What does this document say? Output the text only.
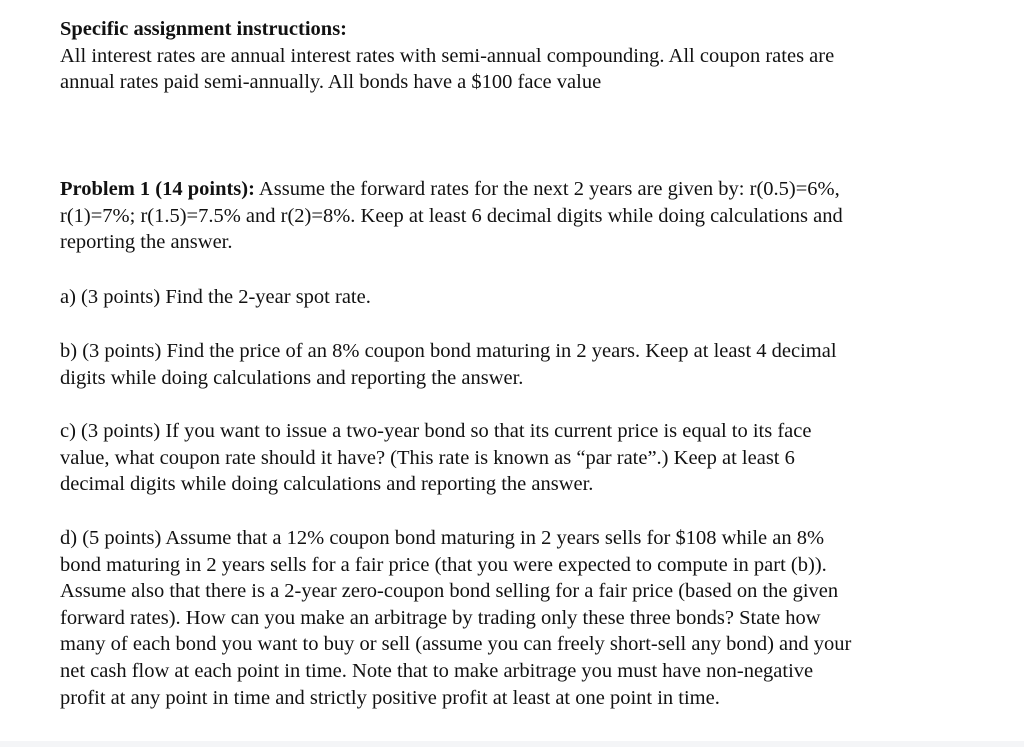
Specific assignment instructions:
All interest rates are annual interest rates with semi-annual compounding. All coupon rates are
annual rates paid semi-annually. All bonds have a $100 face value
Problem 1 (14 points): Assume the forward rates for the next 2 years are given by: r(0.5)=6%,
r(1)=7%; r(1.5)=7.5% and r(2)=8%. Keep at least 6 decimal digits while doing calculations and
reporting the answer.
a) (3 points) Find the 2-year spot rate.
b) (3 points) Find the price of an 8% coupon bond maturing in 2 years. Keep at least 4 decimal
digits while doing calculations and reporting the answer.
c) (3 points) If you want to issue a two-year bond so that its current price is equal to its face
value, what coupon rate should it have? (This rate is known as “par rate”.) Keep at least 6
decimal digits while doing calculations and reporting the answer.
d) (5 points) Assume that a 12% coupon bond maturing in 2 years sells for $108 while an 8%
bond maturing in 2 years sells for a fair price (that you were expected to compute in part (b)).
Assume also that there is a 2-year zero-coupon bond selling for a fair price (based on the given
forward rates). How can you make an arbitrage by trading only these three bonds? State how
many of each bond you want to buy or sell (assume you can freely short-sell any bond) and your
net cash flow at each point in time. Note that to make arbitrage you must have non-negative
profit at any point in time and strictly positive profit at least at one point in time.
